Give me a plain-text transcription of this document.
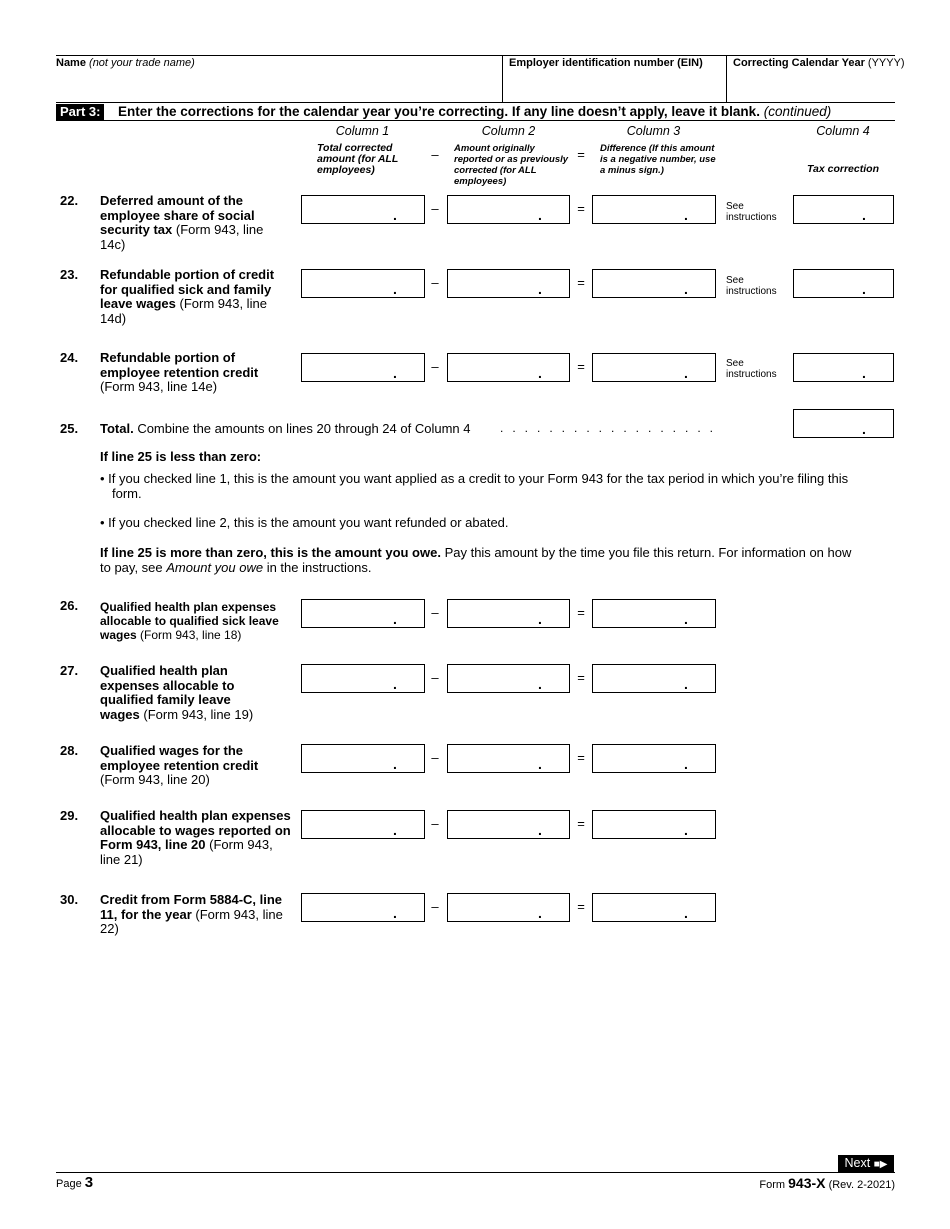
Name (not your trade name)	Employer identification number (EIN)	Correcting Calendar Year (YYYY)
Part 3: Enter the corrections for the calendar year you’re correcting. If any line doesn’t apply, leave it blank. (continued)
Column 1	Column 2	Column 3	Column 4
Total corrected amount (for ALL employees)
– Amount originally reported or as previously corrected (for ALL employees)
= Difference (If this amount is a negative number, use a minus sign.)	Tax correction
22. Deferred amount of the employee share of social security tax (Form 943, line 14c)
.	–	.	=	.
See instructions	.
23. Refundable portion of credit for qualified sick and family leave wages (Form 943, line 14d)
.	–	.	=	.
See instructions	.
24. Refundable portion of employee retention credit (Form 943, line 14e)
.	–	.	=	.
See instructions	.
25. Total. Combine the amounts on lines 20 through 24 of Column 4	..................	.
If line 25 is less than zero:
• If you checked line 1, this is the amount you want applied as a credit to your Form 943 for the tax period in which you’re filing this form.
• If you checked line 2, this is the amount you want refunded or abated.
If line 25 is more than zero, this is the amount you owe. Pay this amount by the time you file this return. For information on how to pay, see Amount you owe in the instructions.
26. Qualified health plan expenses allocable to qualified sick leave wages (Form 943, line 18)
.	–	.	=	.
27. Qualified health plan expenses allocable to qualified family leave wages (Form 943, line 19)
.	–	.	=	.
28. Qualified wages for the employee retention credit (Form 943, line 20)
.	–	.	=	.
29. Qualified health plan expenses allocable to wages reported on Form 943, line 20 (Form 943, line 21)
.	–	.	=	.
30. Credit from Form 5884-C, line 11, for the year (Form 943, line 22)
.	–	.	=	.
Next ■▶
Page 3	Form 943-X (Rev. 2-2021)
